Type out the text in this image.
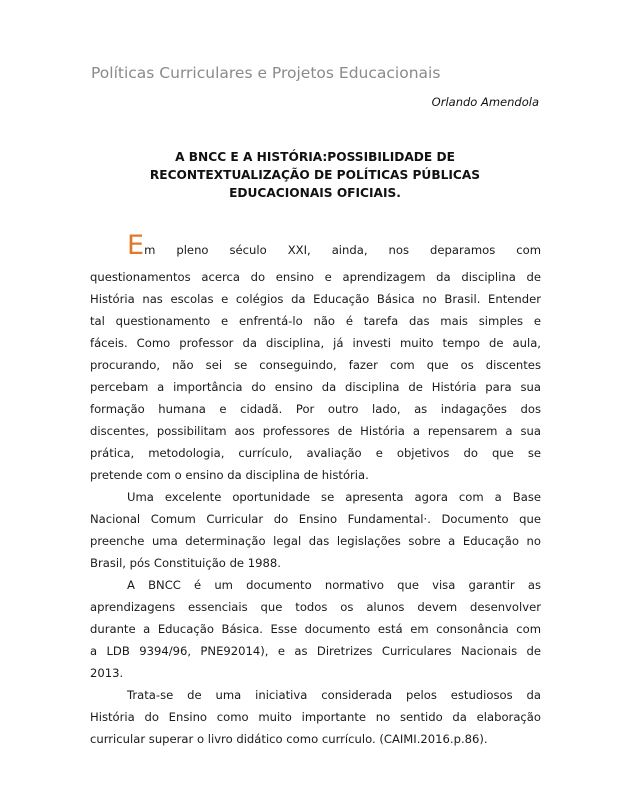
Políticas Curriculares e Projetos Educacionais
Orlando Amendola
A BNCC E A HISTÓRIA:POSSIBILIDADE DE
RECONTEXTUALIZAÇÃO DE POLÍTICAS PÚBLICAS
EDUCACIONAIS OFICIAIS.
Em pleno século XXI, ainda, nos deparamos com
questionamentos acerca do ensino e aprendizagem da disciplina de
História nas escolas e colégios da Educação Básica no Brasil. Entender
tal questionamento e enfrentá-lo não é tarefa das mais simples e
fáceis. Como professor da disciplina, já investi muito tempo de aula,
procurando, não sei se conseguindo, fazer com que os discentes
percebam a importância do ensino da disciplina de História para sua
formação humana e cidadã. Por outro lado, as indagações dos
discentes, possibilitam aos professores de História a repensarem a sua
prática, metodologia, currículo, avaliação e objetivos do que se
pretende com o ensino da disciplina de história.
Uma excelente oportunidade se apresenta agora com a Base
Nacional Comum Curricular do Ensino Fundamental·. Documento que
preenche uma determinação legal das legislações sobre a Educação no
Brasil, pós Constituição de 1988.
A BNCC é um documento normativo que visa garantir as
aprendizagens essenciais que todos os alunos devem desenvolver
durante a Educação Básica. Esse documento está em consonância com
a LDB 9394/96, PNE92014), e as Diretrizes Curriculares Nacionais de
2013.
Trata-se de uma iniciativa considerada pelos estudiosos da
História do Ensino como muito importante no sentido da elaboração
curricular superar o livro didático como currículo. (CAIMI.2016.p.86).
